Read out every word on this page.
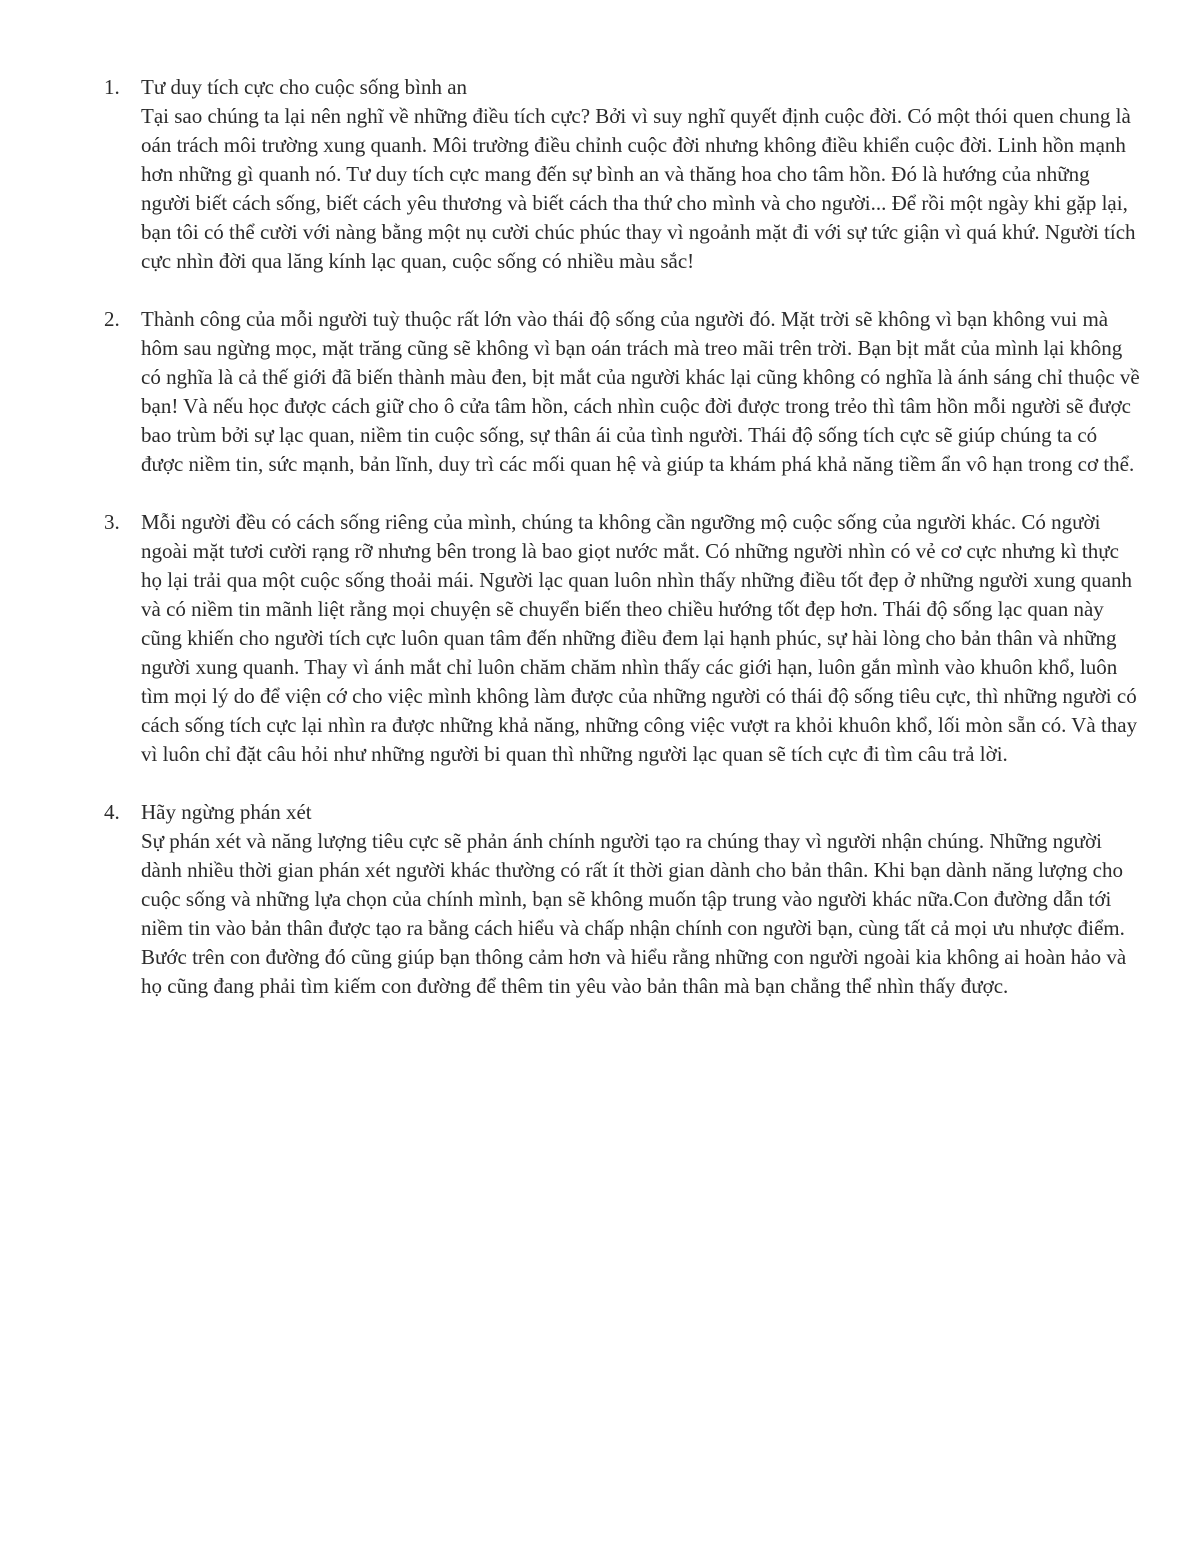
1.	Tư duy tích cực cho cuộc sống bình an

Tại sao chúng ta lại nên nghĩ về những điều tích cực? Bởi vì suy nghĩ quyết định cuộc đời. Có một thói quen chung là oán trách môi trường xung quanh. Môi trường điều chỉnh cuộc đời nhưng không điều khiển cuộc đời. Linh hồn mạnh hơn những gì quanh nó. Tư duy tích cực mang đến sự bình an và thăng hoa cho tâm hồn. Đó là hướng của những người biết cách sống, biết cách yêu thương và biết cách tha thứ cho mình và cho người... Để rồi một ngày khi gặp lại, bạn tôi có thể cười với nàng bằng một nụ cười chúc phúc thay vì ngoảnh mặt đi với sự tức giận vì quá khứ. Người tích cực nhìn đời qua lăng kính lạc quan, cuộc sống có nhiều màu sắc!

2.	Thành công của mỗi người tuỳ thuộc rất lớn vào thái độ sống của người đó. Mặt trời sẽ không vì bạn không vui mà hôm sau ngừng mọc, mặt trăng cũng sẽ không vì bạn oán trách mà treo mãi trên trời. Bạn bịt mắt của mình lại không có nghĩa là cả thế giới đã biến thành màu đen, bịt mắt của người khác lại cũng không có nghĩa là ánh sáng chỉ thuộc về bạn! Và nếu học được cách giữ cho ô cửa tâm hồn, cách nhìn cuộc đời được trong trẻo thì tâm hồn mỗi người sẽ được bao trùm bởi sự lạc quan, niềm tin cuộc sống, sự thân ái của tình người. Thái độ sống tích cực sẽ giúp chúng ta có được niềm tin, sức mạnh, bản lĩnh, duy trì các mối quan hệ và giúp ta khám phá khả năng tiềm ẩn vô hạn trong cơ thể.

3.	Mỗi người đều có cách sống riêng của mình, chúng ta không cần ngưỡng mộ cuộc sống của người khác. Có người ngoài mặt tươi cười rạng rỡ nhưng bên trong là bao giọt nước mắt. Có những người nhìn có vẻ cơ cực nhưng kì thực họ lại trải qua một cuộc sống thoải mái. Người lạc quan luôn nhìn thấy những điều tốt đẹp ở những người xung quanh và có niềm tin mãnh liệt rằng mọi chuyện sẽ chuyển biến theo chiều hướng tốt đẹp hơn. Thái độ sống lạc quan này cũng khiến cho người tích cực luôn quan tâm đến những điều đem lại hạnh phúc, sự hài lòng cho bản thân và những người xung quanh. Thay vì ánh mắt chỉ luôn chăm chăm nhìn thấy các giới hạn, luôn gắn mình vào khuôn khổ, luôn tìm mọi lý do để viện cớ cho việc mình không làm được của những người có thái độ sống tiêu cực, thì những người có cách sống tích cực lại nhìn ra được những khả năng, những công việc vượt ra khỏi khuôn khổ, lối mòn sẵn có. Và thay vì luôn chỉ đặt câu hỏi như những người bi quan thì những người lạc quan sẽ tích cực đi tìm câu trả lời.

4.	Hãy ngừng phán xét

Sự phán xét và năng lượng tiêu cực sẽ phản ánh chính người tạo ra chúng thay vì người nhận chúng. Những người dành nhiều thời gian phán xét người khác thường có rất ít thời gian dành cho bản thân. Khi bạn dành năng lượng cho cuộc sống và những lựa chọn của chính mình, bạn sẽ không muốn tập trung vào người khác nữa.Con đường dẫn tới niềm tin vào bản thân được tạo ra bằng cách hiểu và chấp nhận chính con người bạn, cùng tất cả mọi ưu nhược điểm. Bước trên con đường đó cũng giúp bạn thông cảm hơn và hiểu rằng những con người ngoài kia không ai hoàn hảo và họ cũng đang phải tìm kiếm con đường để thêm tin yêu vào bản thân mà bạn chẳng thể nhìn thấy được.
